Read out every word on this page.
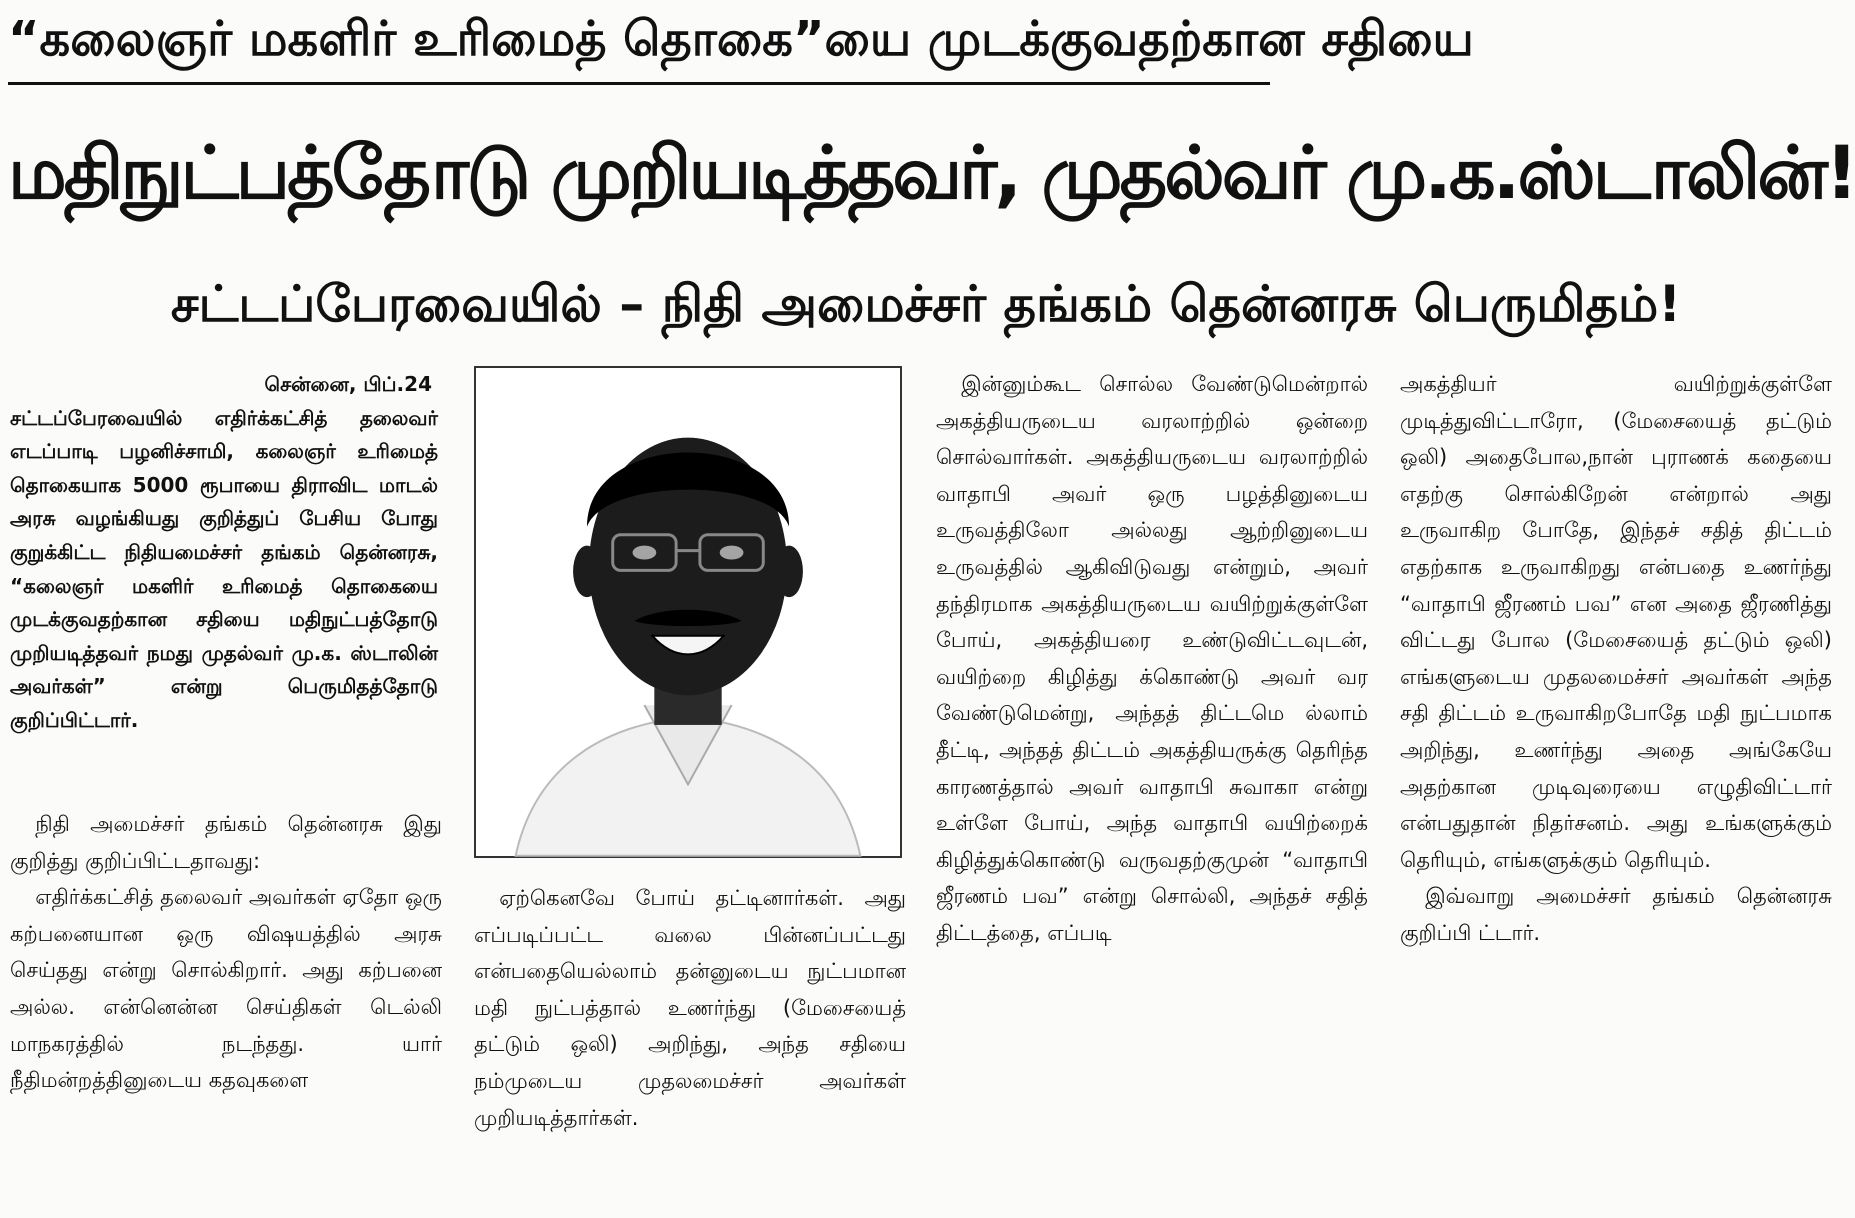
“கலைஞர் மகளிர் உரிமைத் தொகை”யை முடக்குவதற்கான சதியை
மதிநுட்பத்தோடு முறியடித்தவர், முதல்வர் மு.க.ஸ்டாலின்!
சட்டப்பேரவையில் – நிதி அமைச்சர் தங்கம் தென்னரசு பெருமிதம்!

சென்னை, பிப்.24

சட்டப்பேரவையில் எதிர்க்கட்சித் தலைவர் எடப்பாடி பழனிச்சாமி, கலைஞர் உரிமைத் தொகையாக 5000 ரூபாயை திராவிட மாடல் அரசு வழங்கியது குறித்துப் பேசிய போது குறுக்கிட்ட நிதியமைச்சர் தங்கம் தென்னரசு, “கலைஞர் மகளிர் உரிமைத் தொகையை முடக்குவதற்கான சதியை மதிநுட்பத்தோடு முறியடித்தவர் நமது முதல்வர் மு.க. ஸ்டாலின் அவர்கள்” என்று பெருமிதத்தோடு குறிப்பிட்டார்.

நிதி அமைச்சர் தங்கம் தென்னரசு இது குறித்து குறிப்பிட்டதாவது:

எதிர்க்கட்சித் தலைவர் அவர்கள் ஏதோ ஒரு கற்பனையான ஒரு விஷயத்தில் அரசு செய்தது என்று சொல்கிறார். அது கற்பனை அல்ல. என்னென்ன செய்திகள் டெல்லி மாநகரத்தில் நடந்தது. யார் நீதிமன்றத்தினுடைய கதவுகளை

ஏற்கெனவே போய் தட்டினார்கள். அது எப்படிப்பட்ட வலை பின்னப்பட்டது என்பதையெல்லாம் தன்னுடைய நுட்பமான மதி நுட்பத்தால் உணர்ந்து (மேசையைத் தட்டும் ஒலி) அறிந்து, அந்த சதியை நம்முடைய முதலமைச்சர் அவர்கள் முறியடித்தார்கள்.

இன்னும்கூட சொல்ல வேண்டுமென்றால் அகத்தியருடைய வரலாற்றில் ஒன்றை சொல்வார்கள். அகத்தியருடைய வரலாற்றில் வாதாபி அவர் ஒரு பழத்தினுடைய உருவத்திலோ அல்லது ஆற்றினுடைய உருவத்தில் ஆகிவிடுவது என்றும், அவர் தந்திரமாக அகத்தியருடைய வயிற்றுக்குள்ளே போய், அகத்தியரை உண்டுவிட்டவுடன், வயிற்றை கிழித்து க்கொண்டு அவர் வர வேண்டுமென்று, அந்தத் திட்டமெ ல்லாம் தீட்டி, அந்தத் திட்டம் அகத்தியருக்கு தெரிந்த காரணத்தால் அவர் வாதாபி சுவாகா என்று உள்ளே போய், அந்த வாதாபி வயிற்றைக் கிழித்துக்கொண்டு வருவதற்குமுன் “வாதாபி ஜீரணம் பவ” என்று சொல்லி, அந்தச் சதித் திட்டத்தை, எப்படி

அகத்தியர் வயிற்றுக்குள்ளே முடித்துவிட்டாரோ, (மேசையைத் தட்டும் ஒலி) அதைபோல,நான் புராணக் கதையை எதற்கு சொல்கிறேன் என்றால் அது உருவாகிற போதே, இந்தச் சதித் திட்டம் எதற்காக உருவாகிறது என்பதை உணர்ந்து “வாதாபி ஜீரணம் பவ” என அதை ஜீரணித்து விட்டது போல (மேசையைத் தட்டும் ஒலி) எங்களுடைய முதலமைச்சர் அவர்கள் அந்த சதி திட்டம் உருவாகிறபோதே மதி நுட்பமாக அறிந்து, உணர்ந்து அதை அங்கேயே அதற்கான முடிவுரையை எழுதிவிட்டார் என்பதுதான் நிதர்சனம். அது உங்களுக்கும் தெரியும், எங்களுக்கும் தெரியும்.

இவ்வாறு அமைச்சர் தங்கம் தென்னரசு குறிப்பி ட்டார்.
